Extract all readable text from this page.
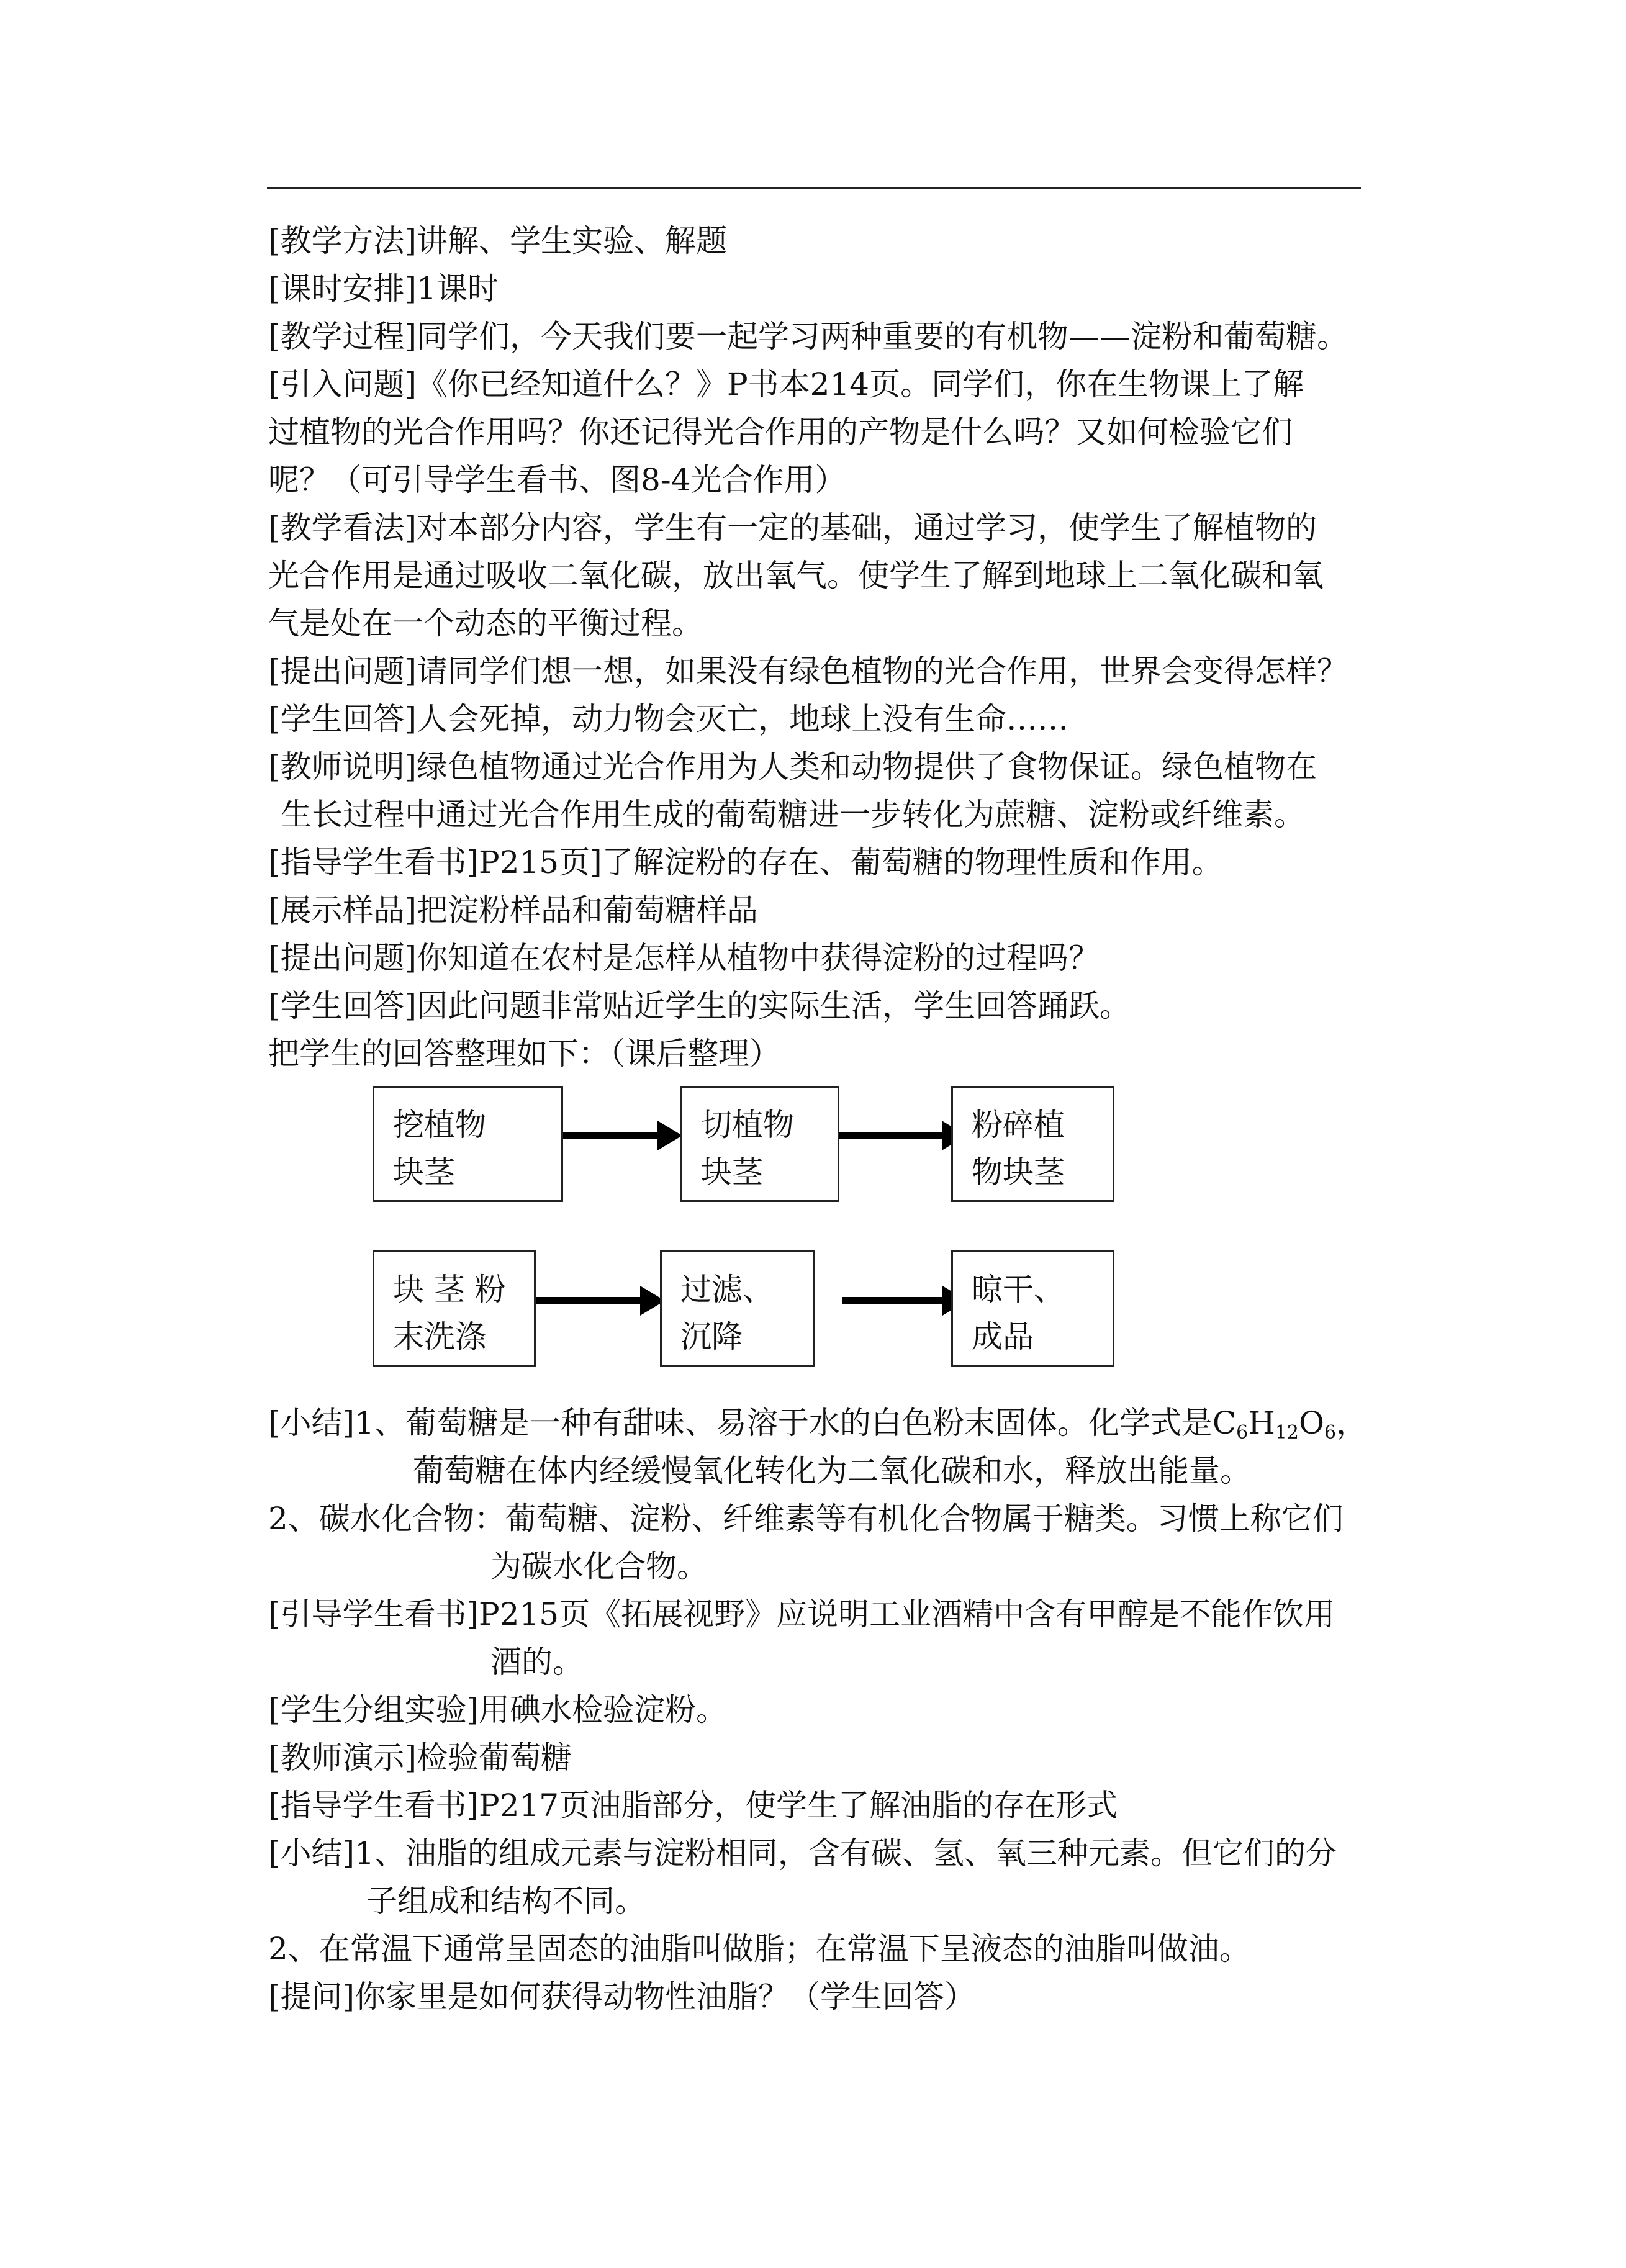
[教学方法]讲解、学生实验、解题
[课时安排]1课时
[教学过程]同学们，今天我们要一起学习两种重要的有机物——淀粉和葡萄糖。
[引入问题]《你已经知道什么？》P书本214页。同学们，你在生物课上了解
过植物的光合作用吗？你还记得光合作用的产物是什么吗？又如何检验它们
呢？（可引导学生看书、图8-4光合作用）
[教学看法]对本部分内容，学生有一定的基础，通过学习，使学生了解植物的
光合作用是通过吸收二氧化碳，放出氧气。使学生了解到地球上二氧化碳和氧
气是处在一个动态的平衡过程。
[提出问题]请同学们想一想，如果没有绿色植物的光合作用，世界会变得怎样？
[学生回答]人会死掉，动力物会灭亡，地球上没有生命……
[教师说明]绿色植物通过光合作用为人类和动物提供了食物保证。绿色植物在
生长过程中通过光合作用生成的葡萄糖进一步转化为蔗糖、淀粉或纤维素。
[指导学生看书]P215页]了解淀粉的存在、葡萄糖的物理性质和作用。
[展示样品]把淀粉样品和葡萄糖样品
[提出问题]你知道在农村是怎样从植物中获得淀粉的过程吗？
[学生回答]因此问题非常贴近学生的实际生活，学生回答踊跃。
把学生的回答整理如下：（课后整理）
挖植物
块茎
切植物
块茎
粉碎植
物块茎
块 茎 粉
末洗涤
过滤、
沉降
晾干、
成品
[小结]1、葡萄糖是一种有甜味、易溶于水的白色粉末固体。化学式是$C_6H_{12}O_6$，
葡萄糖在体内经缓慢氧化转化为二氧化碳和水，释放出能量。
2、碳水化合物：葡萄糖、淀粉、纤维素等有机化合物属于糖类。习惯上称它们
为碳水化合物。
[引导学生看书]P215页《拓展视野》应说明工业酒精中含有甲醇是不能作饮用
酒的。
[学生分组实验]用碘水检验淀粉。
[教师演示]检验葡萄糖
[指导学生看书]P217页油脂部分，使学生了解油脂的存在形式
[小结]1、油脂的组成元素与淀粉相同，含有碳、氢、氧三种元素。但它们的分
子组成和结构不同。
2、在常温下通常呈固态的油脂叫做脂；在常温下呈液态的油脂叫做油。
[提问]你家里是如何获得动物性油脂？（学生回答）
